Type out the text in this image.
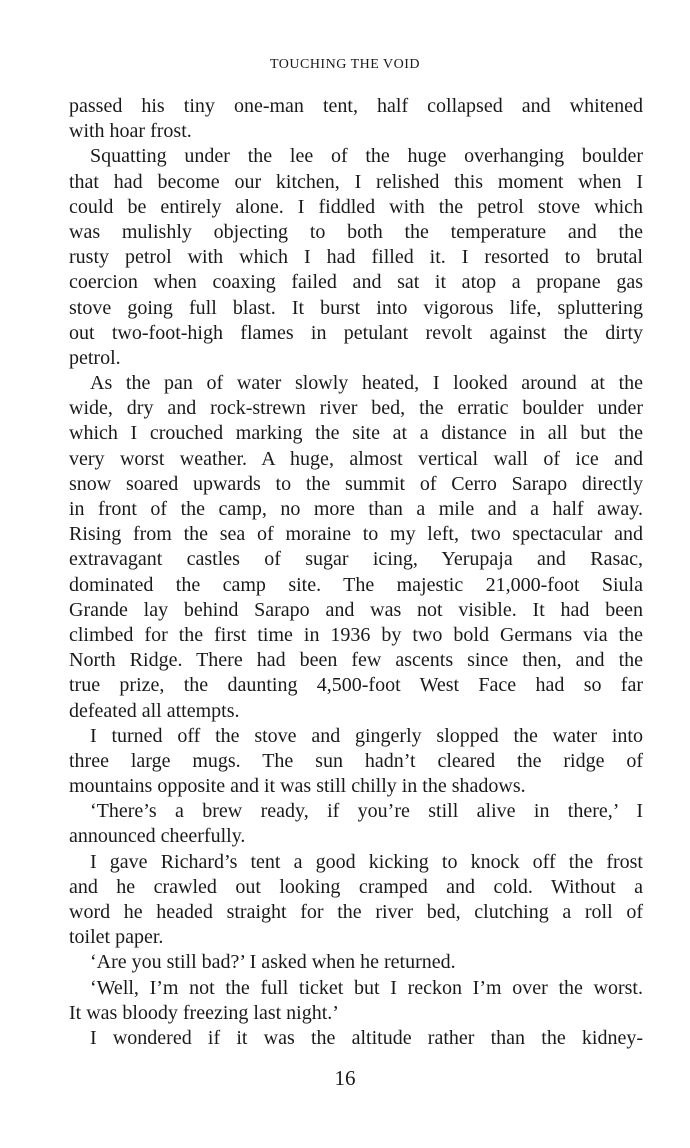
TOUCHING THE VOID
passed his tiny one-man tent, half collapsed and whitened
with hoar frost.
Squatting under the lee of the huge overhanging boulder
that had become our kitchen, I relished this moment when I
could be entirely alone. I fiddled with the petrol stove which
was mulishly objecting to both the temperature and the
rusty petrol with which I had filled it. I resorted to brutal
coercion when coaxing failed and sat it atop a propane gas
stove going full blast. It burst into vigorous life, spluttering
out two-foot-high flames in petulant revolt against the dirty
petrol.
As the pan of water slowly heated, I looked around at the
wide, dry and rock-strewn river bed, the erratic boulder under
which I crouched marking the site at a distance in all but the
very worst weather. A huge, almost vertical wall of ice and
snow soared upwards to the summit of Cerro Sarapo directly
in front of the camp, no more than a mile and a half away.
Rising from the sea of moraine to my left, two spectacular and
extravagant castles of sugar icing, Yerupaja and Rasac,
dominated the camp site. The majestic 21,000-foot Siula
Grande lay behind Sarapo and was not visible. It had been
climbed for the first time in 1936 by two bold Germans via the
North Ridge. There had been few ascents since then, and the
true prize, the daunting 4,500-foot West Face had so far
defeated all attempts.
I turned off the stove and gingerly slopped the water into
three large mugs. The sun hadn’t cleared the ridge of
mountains opposite and it was still chilly in the shadows.
‘There’s a brew ready, if you’re still alive in there,’ I
announced cheerfully.
I gave Richard’s tent a good kicking to knock off the frost
and he crawled out looking cramped and cold. Without a
word he headed straight for the river bed, clutching a roll of
toilet paper.
‘Are you still bad?’ I asked when he returned.
‘Well, I’m not the full ticket but I reckon I’m over the worst.
It was bloody freezing last night.’
I wondered if it was the altitude rather than the kidney-
16
